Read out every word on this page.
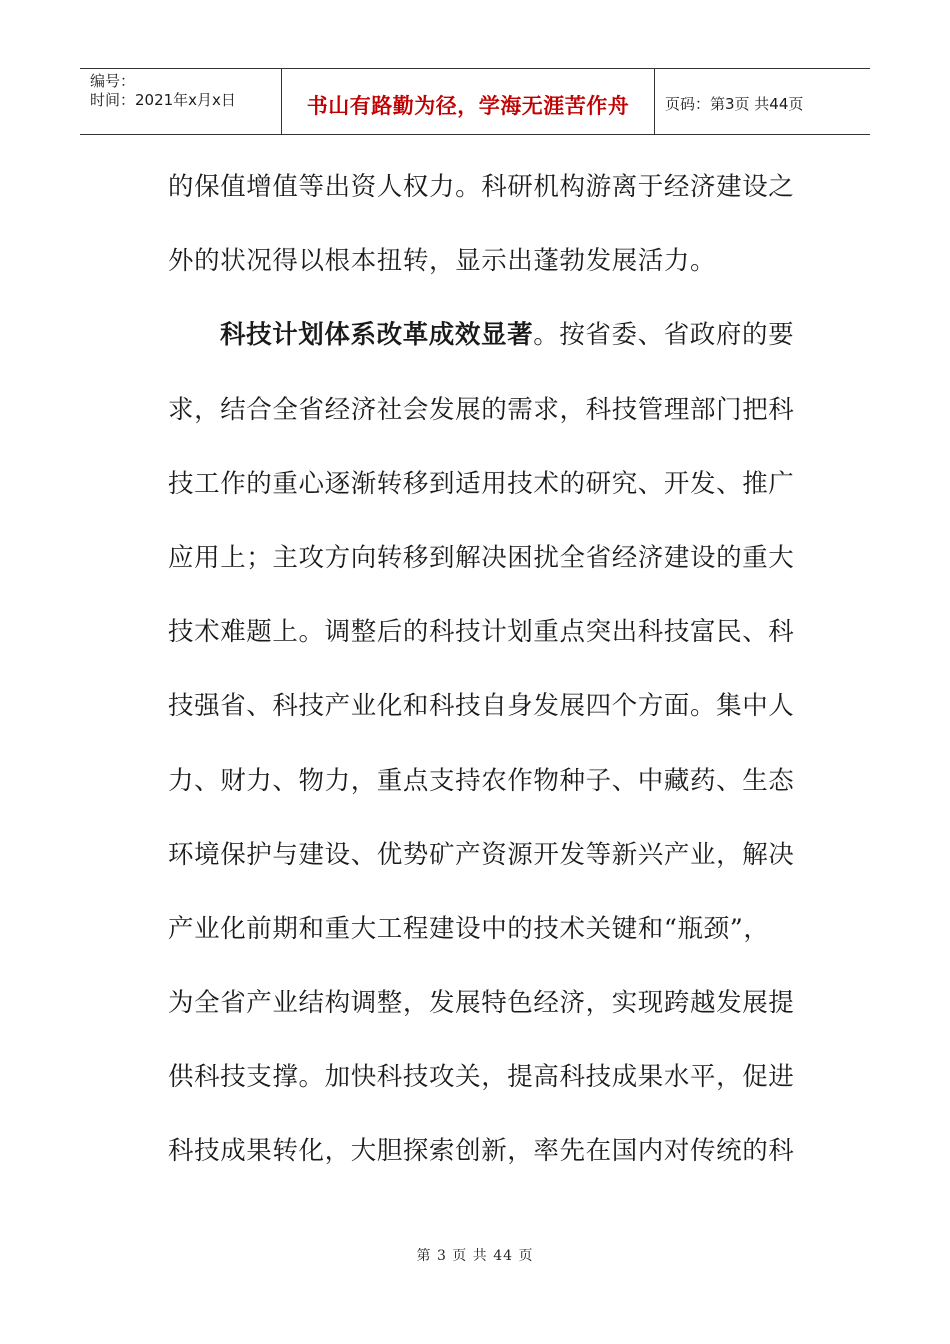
编号：
时间：2021年x月x日	书山有路勤为径，学海无涯苦作舟	页码：第3页 共44页
的保值增值等出资人权力。科研机构游离于经济建设之
外的状况得以根本扭转，显示出蓬勃发展活力。
科技计划体系改革成效显著。按省委、省政府的要
求，结合全省经济社会发展的需求，科技管理部门把科
技工作的重心逐渐转移到适用技术的研究、开发、推广
应用上；主攻方向转移到解决困扰全省经济建设的重大
技术难题上。调整后的科技计划重点突出科技富民、科
技强省、科技产业化和科技自身发展四个方面。集中人
力、财力、物力，重点支持农作物种子、中藏药、生态
环境保护与建设、优势矿产资源开发等新兴产业，解决
产业化前期和重大工程建设中的技术关键和“瓶颈”，
为全省产业结构调整，发展特色经济，实现跨越发展提
供科技支撑。加快科技攻关，提高科技成果水平，促进
科技成果转化，大胆探索创新，率先在国内对传统的科
第 3 页 共 44 页
